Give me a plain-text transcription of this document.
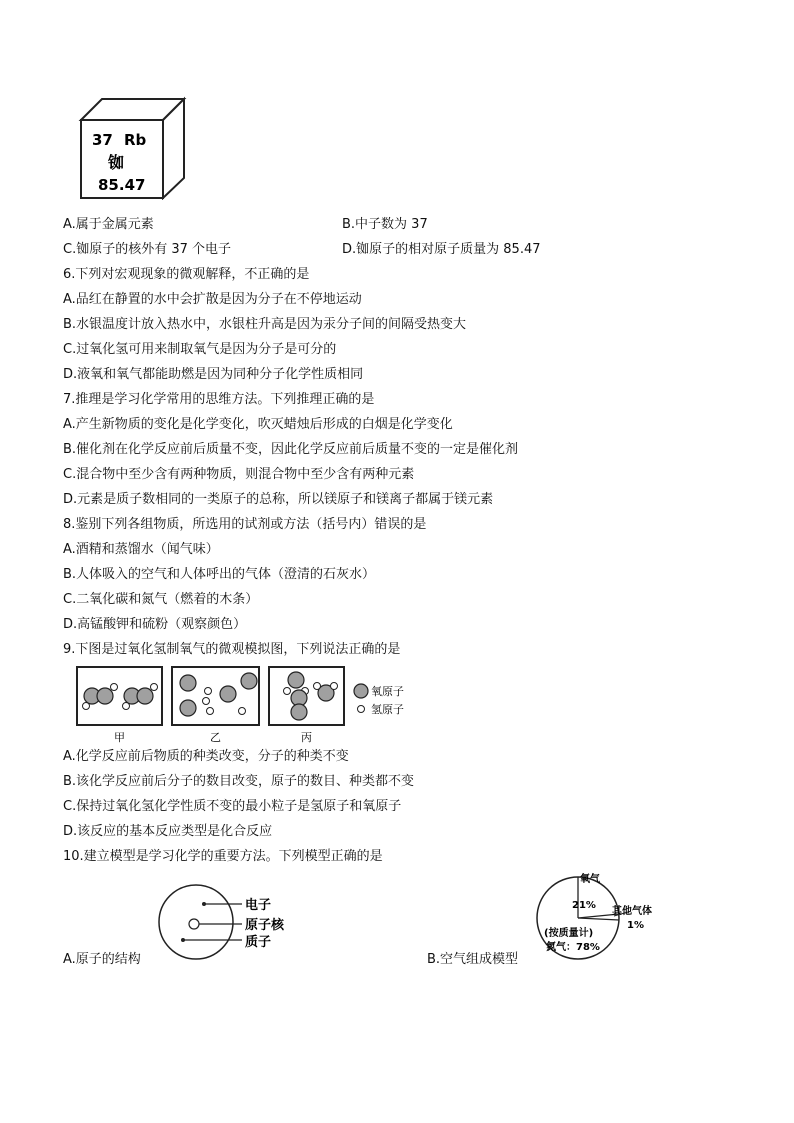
37 Rb
铷
85.47
A.属于金属元素	B.中子数为 37
C.铷原子的核外有 37 个电子	D.铷原子的相对原子质量为 85.47
6.下列对宏观现象的微观解释，不正确的是
A.品红在静置的水中会扩散是因为分子在不停地运动
B.水银温度计放入热水中，水银柱升高是因为汞分子间的间隔受热变大
C.过氧化氢可用来制取氧气是因为分子是可分的
D.液氧和氧气都能助燃是因为同种分子化学性质相同
7.推理是学习化学常用的思维方法。下列推理正确的是
A.产生新物质的变化是化学变化，吹灭蜡烛后形成的白烟是化学变化
B.催化剂在化学反应前后质量不变，因此化学反应前后质量不变的一定是催化剂
C.混合物中至少含有两种物质，则混合物中至少含有两种元素
D.元素是质子数相同的一类原子的总称，所以镁原子和镁离子都属于镁元素
8.鉴别下列各组物质，所选用的试剂或方法（括号内）错误的是
A.酒精和蒸馏水（闻气味）
B.人体吸入的空气和人体呼出的气体（澄清的石灰水）
C.二氧化碳和氮气（燃着的木条）
D.高锰酸钾和硫粉（观察颜色）
9.下图是过氧化氢制氧气的微观模拟图，下列说法正确的是
氧原子
氢原子
甲	乙	丙
A.化学反应前后物质的种类改变，分子的种类不变
B.该化学反应前后分子的数目改变，原子的数目、种类都不变
C.保持过氧化氢化学性质不变的最小粒子是氢原子和氧原子
D.该反应的基本反应类型是化合反应
10.建立模型是学习化学的重要方法。下列模型正确的是
电子
原子核
质子
A.原子的结构
氧气
21%
其他气体
1%
(按质量计)
氮气：78%
B.空气组成模型
